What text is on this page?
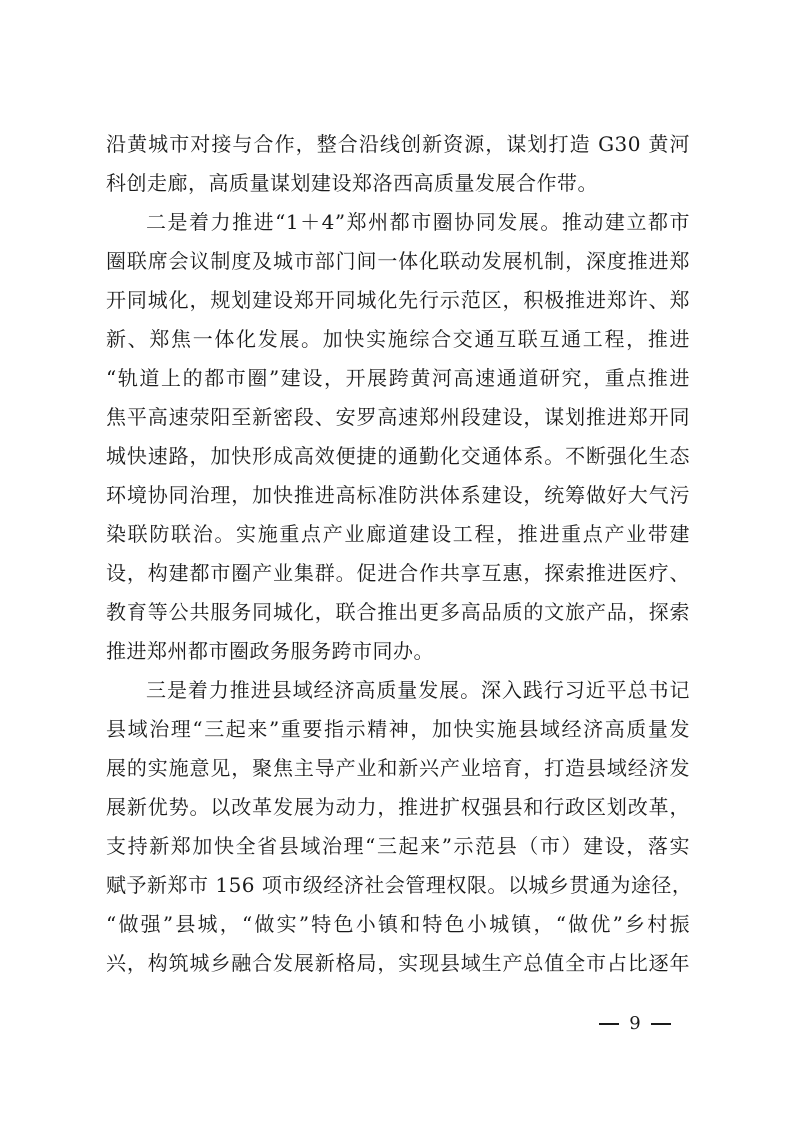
沿黄城市对接与合作，整合沿线创新资源，谋划打造 G30 黄河
科创走廊，高质量谋划建设郑洛西高质量发展合作带。
二是着力推进“1＋4”郑州都市圈协同发展。推动建立都市
圈联席会议制度及城市部门间一体化联动发展机制，深度推进郑
开同城化，规划建设郑开同城化先行示范区，积极推进郑许、郑
新、郑焦一体化发展。加快实施综合交通互联互通工程，推进
“轨道上的都市圈”建设，开展跨黄河高速通道研究，重点推进
焦平高速荥阳至新密段、安罗高速郑州段建设，谋划推进郑开同
城快速路，加快形成高效便捷的通勤化交通体系。不断强化生态
环境协同治理，加快推进高标准防洪体系建设，统筹做好大气污
染联防联治。实施重点产业廊道建设工程，推进重点产业带建
设，构建都市圈产业集群。促进合作共享互惠，探索推进医疗、
教育等公共服务同城化，联合推出更多高品质的文旅产品，探索
推进郑州都市圈政务服务跨市同办。
三是着力推进县域经济高质量发展。深入践行习近平总书记
县域治理“三起来”重要指示精神，加快实施县域经济高质量发
展的实施意见，聚焦主导产业和新兴产业培育，打造县域经济发
展新优势。以改革发展为动力，推进扩权强县和行政区划改革，
支持新郑加快全省县域治理“三起来”示范县（市）建设，落实
赋予新郑市 156 项市级经济社会管理权限。以城乡贯通为途径，
“做强”县城，“做实”特色小镇和特色小城镇，“做优”乡村振
兴，构筑城乡融合发展新格局，实现县域生产总值全市占比逐年
9
